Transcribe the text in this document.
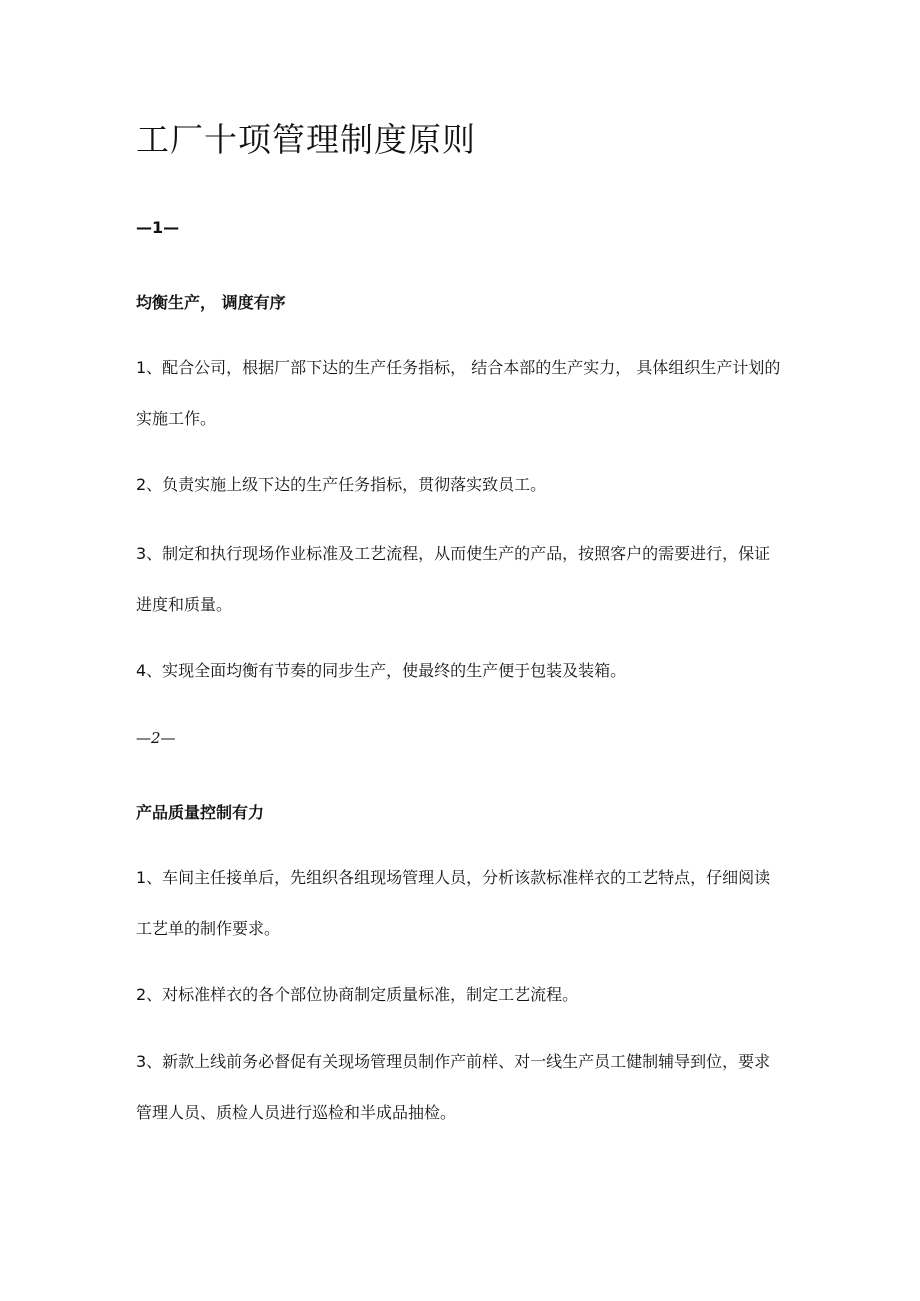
工厂十项管理制度原则
—1—
均衡生产， 调度有序

1、配合公司，根据厂部下达的生产任务指标， 结合本部的生产实力， 具体组织生产计划的实施工作。

2、负责实施上级下达的生产任务指标，贯彻落实致员工。

3、制定和执行现场作业标准及工艺流程，从而使生产的产品，按照客户的需要进行，保证进度和质量。

4、实现全面均衡有节奏的同步生产，使最终的生产便于包装及装箱。

—2—
产品质量控制有力

1、车间主任接单后，先组织各组现场管理人员，分析该款标准样衣的工艺特点，仔细阅读工艺单的制作要求。

2、对标准样衣的各个部位协商制定质量标准，制定工艺流程。

3、新款上线前务必督促有关现场管理员制作产前样、对一线生产员工健制辅导到位，要求管理人员、质检人员进行巡检和半成品抽检。
